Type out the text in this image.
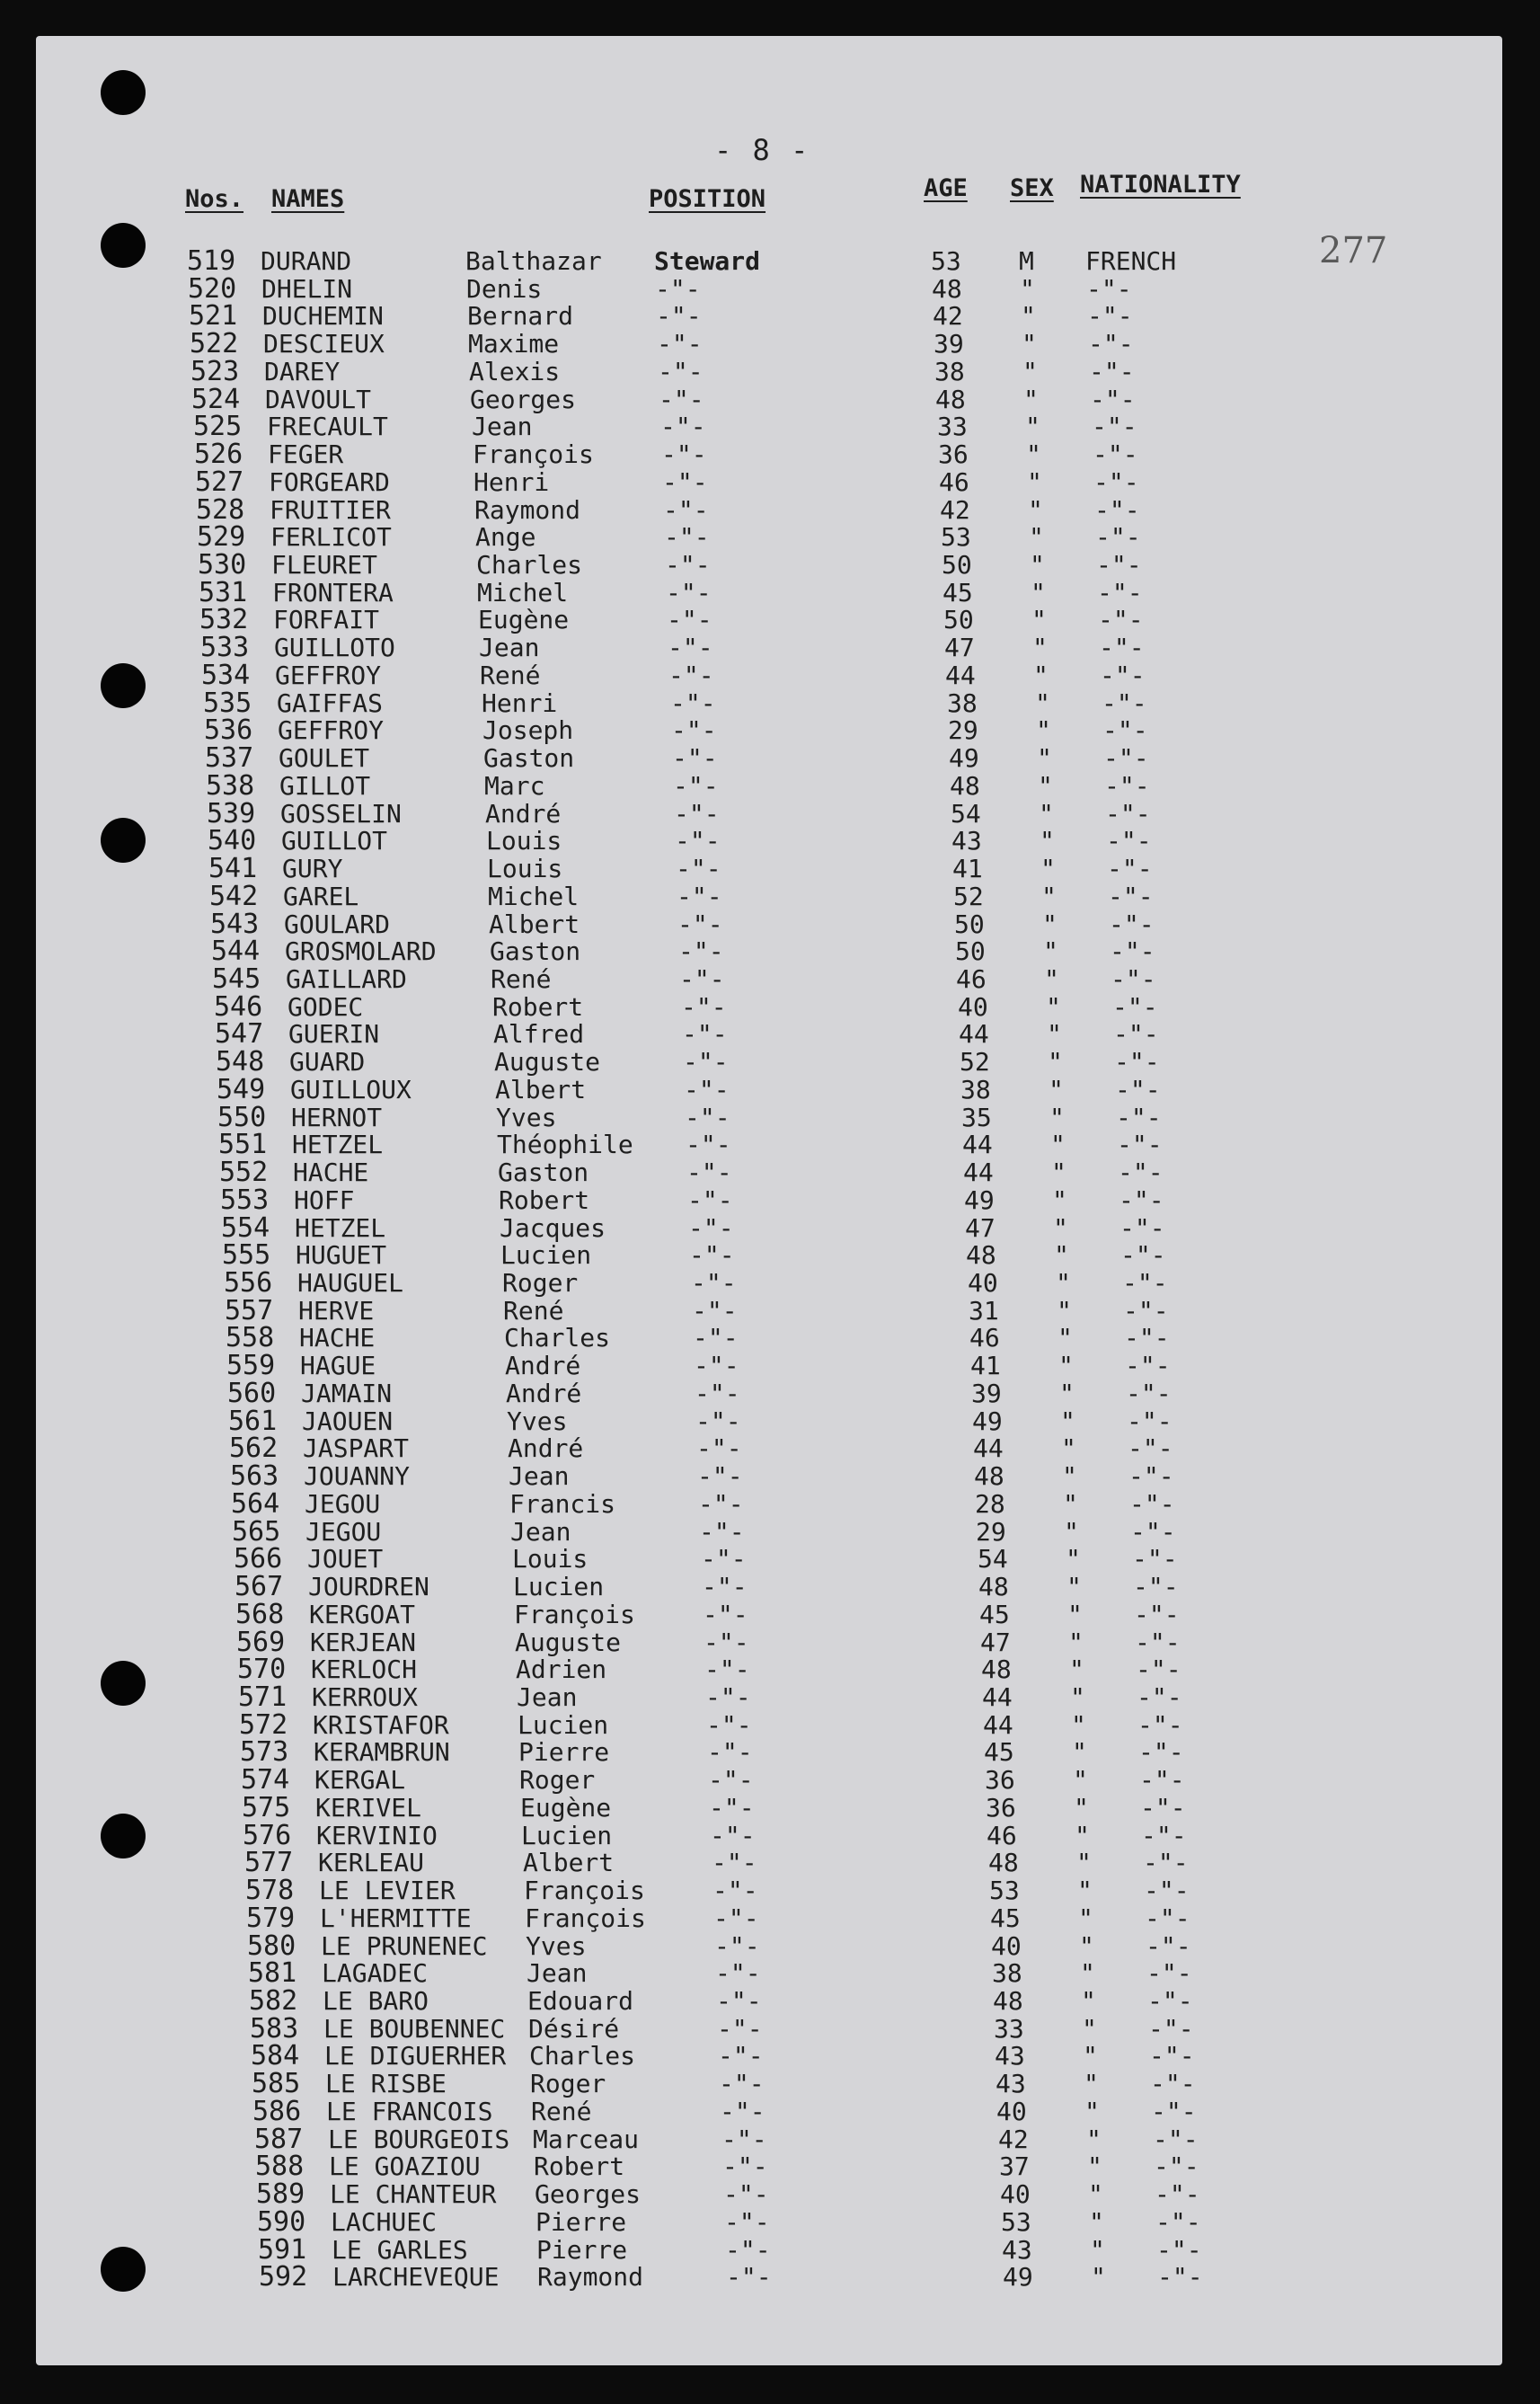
- 8 -
Nos. NAMES	POSITION	AGE SEX NATIONALITY
277
519 DURAND	Balthazar Steward	53 M FRENCH
520 DHELIN	Denis	-"-	48 " -"-
521 DUCHEMIN	Bernard	-"-	42 " -"-
522 DESCIEUX	Maxime	-"-	39 " -"-
523 DAREY	Alexis	-"-	38 " -"-
524 DAVOULT	Georges	-"-	48 " -"-
525 FRECAULT	Jean	-"-	33 " -"-
526 FEGER	François	-"-	36 " -"-
527 FORGEARD	Henri	-"-	46 " -"-
528 FRUITIER	Raymond	-"-	42 " -"-
529 FERLICOT	Ange	-"-	53 " -"-
530 FLEURET	Charles	-"-	50 " -"-
531 FRONTERA	Michel	-"-	45 " -"-
532 FORFAIT	Eugène	-"-	50 " -"-
533 GUILLOTO	Jean	-"-	47 " -"-
534 GEFFROY	René	-"-	44 " -"-
535 GAIFFAS	Henri	-"-	38 " -"-
536 GEFFROY	Joseph	-"-	29 " -"-
537 GOULET	Gaston	-"-	49 " -"-
538 GILLOT	Marc	-"-	48 " -"-
539 GOSSELIN	André	-"-	54 " -"-
540 GUILLOT	Louis	-"-	43 " -"-
541 GURY	Louis	-"-	41 " -"-
542 GAREL	Michel	-"-	52 " -"-
543 GOULARD	Albert	-"-	50 " -"-
544 GROSMOLARD Gaston	-"-	50 " -"-
545 GAILLARD	René	-"-	46 " -"-
546 GODEC	Robert	-"-	40 " -"-
547 GUERIN	Alfred	-"-	44 " -"-
548 GUARD	Auguste	-"-	52 " -"-
549 GUILLOUX	Albert	-"-	38 " -"-
550 HERNOT	Yves	-"-	35 " -"-
551 HETZEL	Théophile -"-	44 " -"-
552 HACHE	Gaston	-"-	44 " -"-
553 HOFF	Robert	-"-	49 " -"-
554 HETZEL	Jacques	-"-	47 " -"-
555 HUGUET	Lucien	-"-	48 " -"-
556 HAUGUEL	Roger	-"-	40 " -"-
557 HERVE	René	-"-	31 " -"-
558 HACHE	Charles	-"-	46 " -"-
559 HAGUE	André	-"-	41 " -"-
560 JAMAIN	André	-"-	39 " -"-
561 JAOUEN	Yves	-"-	49 " -"-
562 JASPART	André	-"-	44 " -"-
563 JOUANNY	Jean	-"-	48 " -"-
564 JEGOU	Francis	-"-	28 " -"-
565 JEGOU	Jean	-"-	29 " -"-
566 JOUET	Louis	-"-	54 " -"-
567 JOURDREN	Lucien	-"-	48 " -"-
568 KERGOAT	François	-"-	45 " -"-
569 KERJEAN	Auguste	-"-	47 " -"-
570 KERLOCH	Adrien	-"-	48 " -"-
571 KERROUX	Jean	-"-	44 " -"-
572 KRISTAFOR	Lucien	-"-	44 " -"-
573 KERAMBRUN	Pierre	-"-	45 " -"-
574 KERGAL	Roger	-"-	36 " -"-
575 KERIVEL	Eugène	-"-	36 " -"-
576 KERVINIO	Lucien	-"-	46 " -"-
577 KERLEAU	Albert	-"-	48 " -"-
578 LE LEVIER	François	-"-	53 " -"-
579 L'HERMITTE François	-"-	45 " -"-
580 LE PRUNENEC Yves	-"-	40 " -"-
581 LAGADEC	Jean	-"-	38 " -"-
582 LE BARO	Edouard	-"-	48 " -"-
583 LE BOUBENNEC Désiré	-"-	33 " -"-
584 LE DIGUERHER Charles	-"-	43 " -"-
585 LE RISBE	Roger	-"-	43 " -"-
586 LE FRANCOIS René	-"-	40 " -"-
587 LE BOURGEOIS Marceau	-"-	42 " -"-
588 LE GOAZIOU Robert	-"-	37 " -"-
589 LE CHANTEUR Georges	-"-	40 " -"-
590 LACHUEC	Pierre	-"-	53 " -"-
591 LE GARLES	Pierre	-"-	43 " -"-
592 LARCHEVEQUE Raymond	-"-	49 " -"-
